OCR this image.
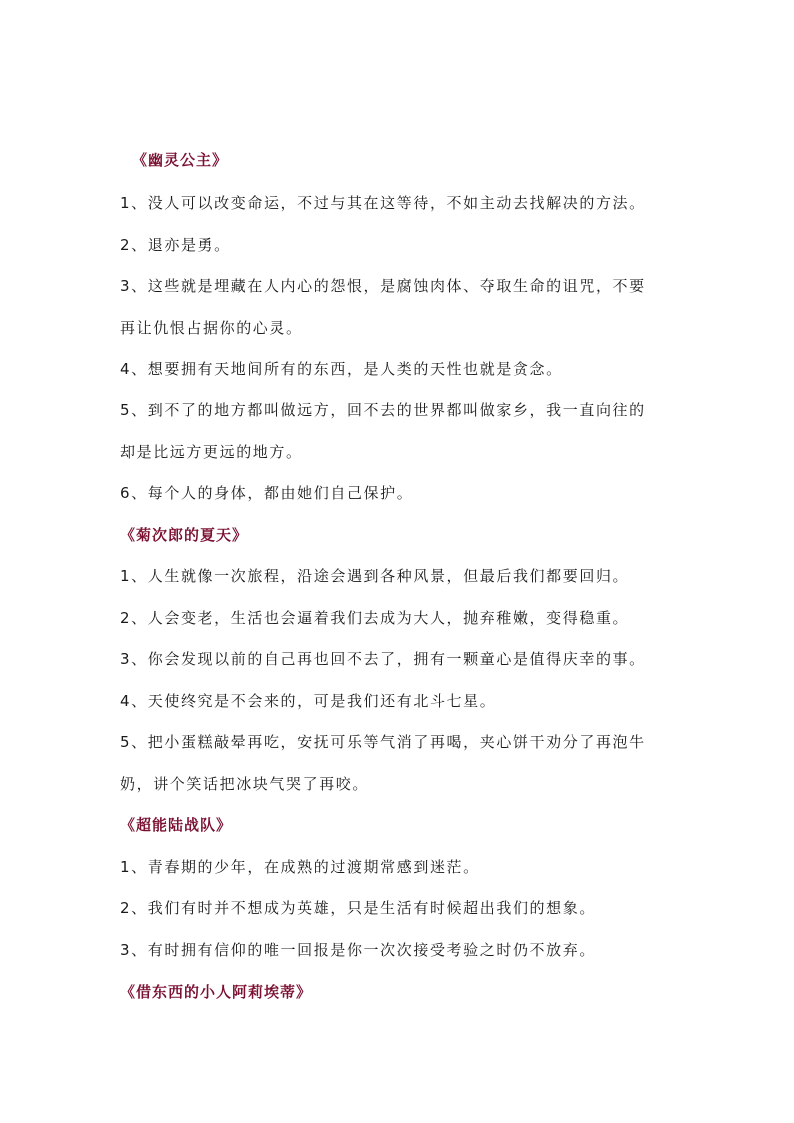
《幽灵公主》
1、没人可以改变命运，不过与其在这等待，不如主动去找解决的方法。
2、退亦是勇。
3、这些就是埋藏在人内心的怨恨，是腐蚀肉体、夺取生命的诅咒，不要
再让仇恨占据你的心灵。
4、想要拥有天地间所有的东西，是人类的天性也就是贪念。
5、到不了的地方都叫做远方，回不去的世界都叫做家乡，我一直向往的
却是比远方更远的地方。
6、每个人的身体，都由她们自己保护。
《菊次郎的夏天》
1、人生就像一次旅程，沿途会遇到各种风景，但最后我们都要回归。
2、人会变老，生活也会逼着我们去成为大人，抛弃稚嫩，变得稳重。
3、你会发现以前的自己再也回不去了，拥有一颗童心是值得庆幸的事。
4、天使终究是不会来的，可是我们还有北斗七星。
5、把小蛋糕敲晕再吃，安抚可乐等气消了再喝，夹心饼干劝分了再泡牛
奶，讲个笑话把冰块气哭了再咬。
《超能陆战队》
1、青春期的少年，在成熟的过渡期常感到迷茫。
2、我们有时并不想成为英雄，只是生活有时候超出我们的想象。
3、有时拥有信仰的唯一回报是你一次次接受考验之时仍不放弃。
《借东西的小人阿莉埃蒂》
